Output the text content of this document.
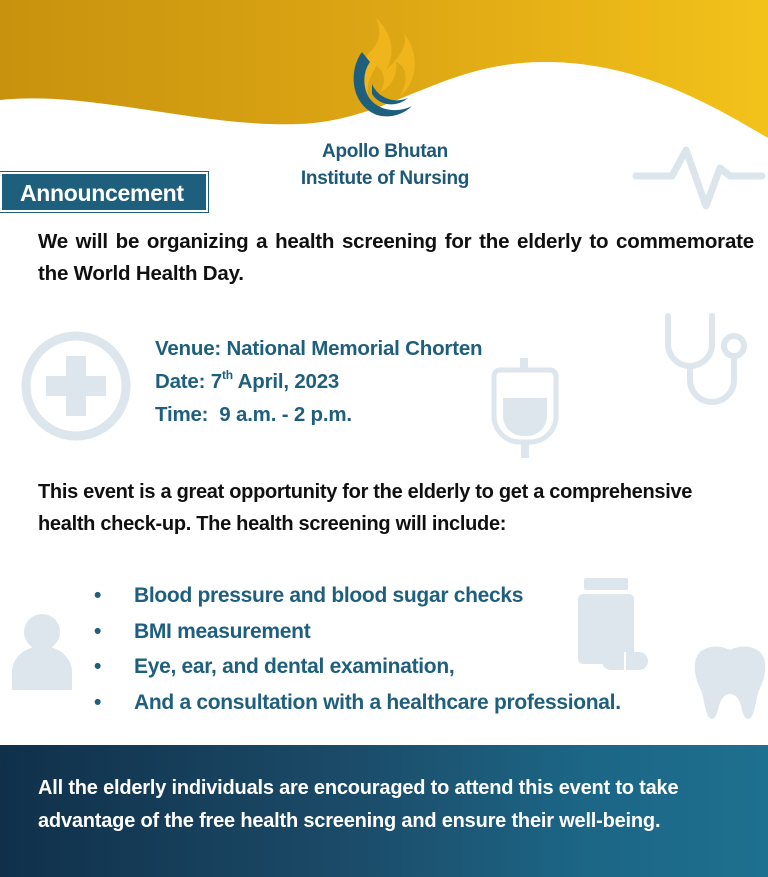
Apollo Bhutan
Institute of Nursing
Announcement
We will be organizing a health screening for the elderly to commemorate the World Health Day.
Venue: National Memorial Chorten
Date: 7th April, 2023
Time:  9 a.m. - 2 p.m.
This event is a great opportunity for the elderly to get a comprehensive health check-up. The health screening will include:
• Blood pressure and blood sugar checks
• BMI measurement
• Eye, ear, and dental examination,
• And a consultation with a healthcare professional.
All the elderly individuals are encouraged to attend this event to take advantage of the free health screening and ensure their well-being.
